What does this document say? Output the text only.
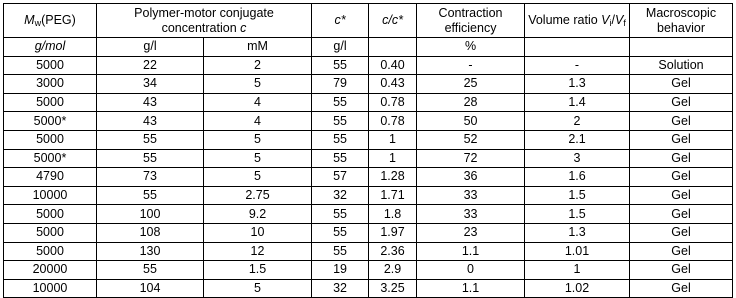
$M_w(PEG)$	Polymer-motor conjugate concentration c		c*	c/c*	Contraction efficiency	Volume ratio $V_i/V_f$	Macroscopic behavior
g/mol	g/l	mM	g/l		%		
5000	22	2	55	0.40	-	-	Solution
3000	34	5	79	0.43	25	1.3	Gel
5000	43	4	55	0.78	28	1.4	Gel
5000*	43	4	55	0.78	50	2	Gel
5000	55	5	55	1	52	2.1	Gel
5000*	55	5	55	1	72	3	Gel
4790	73	5	57	1.28	36	1.6	Gel
10000	55	2.75	32	1.71	33	1.5	Gel
5000	100	9.2	55	1.8	33	1.5	Gel
5000	108	10	55	1.97	23	1.3	Gel
5000	130	12	55	2.36	1.1	1.01	Gel
20000	55	1.5	19	2.9	0	1	Gel
10000	104	5	32	3.25	1.1	1.02	Gel
